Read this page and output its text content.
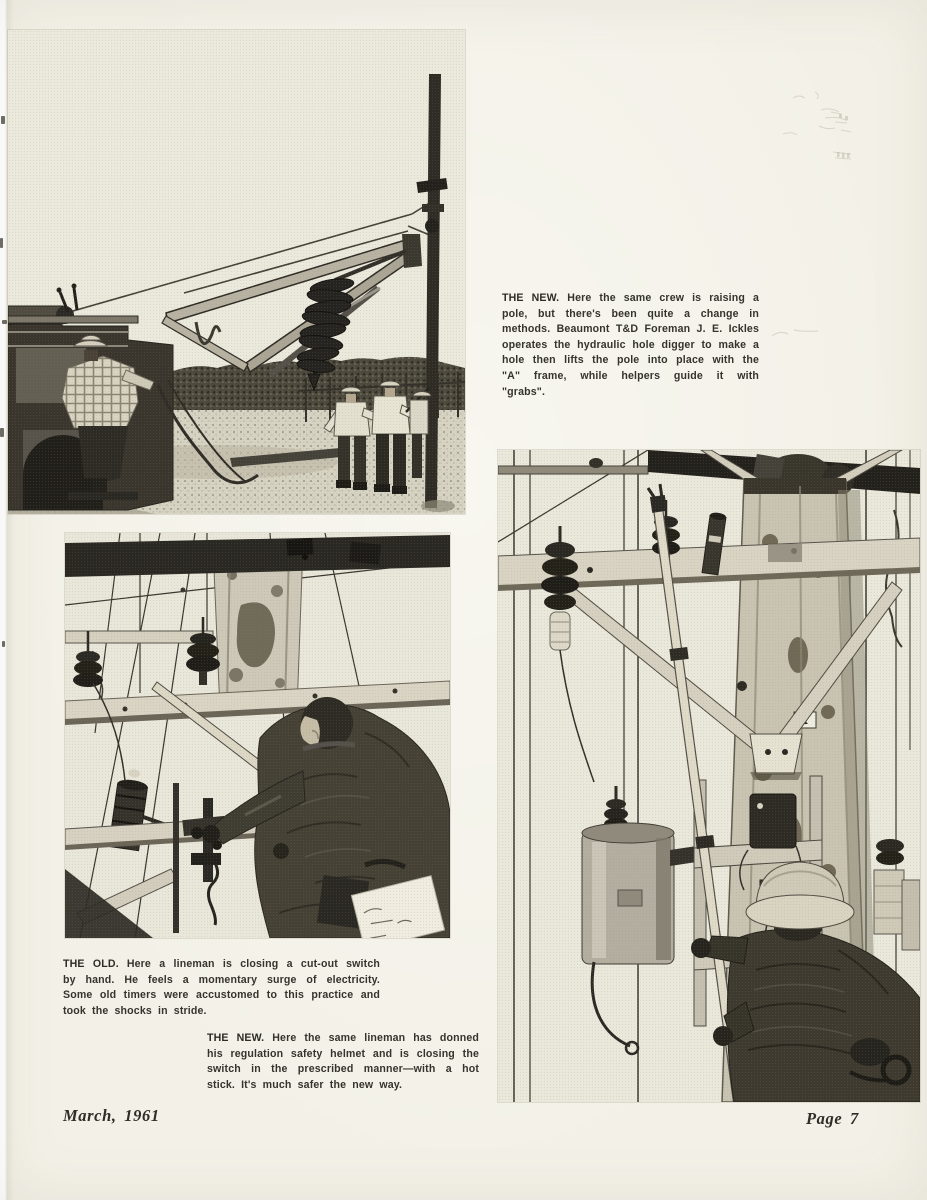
THE NEW. Here the same crew is raising a pole, but there's been quite a change in methods. Beaumont T&D Foreman J. E. Ickles operates the hydraulic hole digger to make a hole then lifts the pole into place with the "A" frame, while helpers guide it with "grabs".

THE OLD. Here a lineman is closing a cut-out switch by hand. He feels a momentary surge of electricity. Some old timers were accustomed to this practice and took the shocks in stride.

THE NEW. Here the same lineman has donned his regulation safety helmet and is closing the switch in the prescribed manner—with a hot stick. It's much safer the new way.

March, 1961	Page 7
